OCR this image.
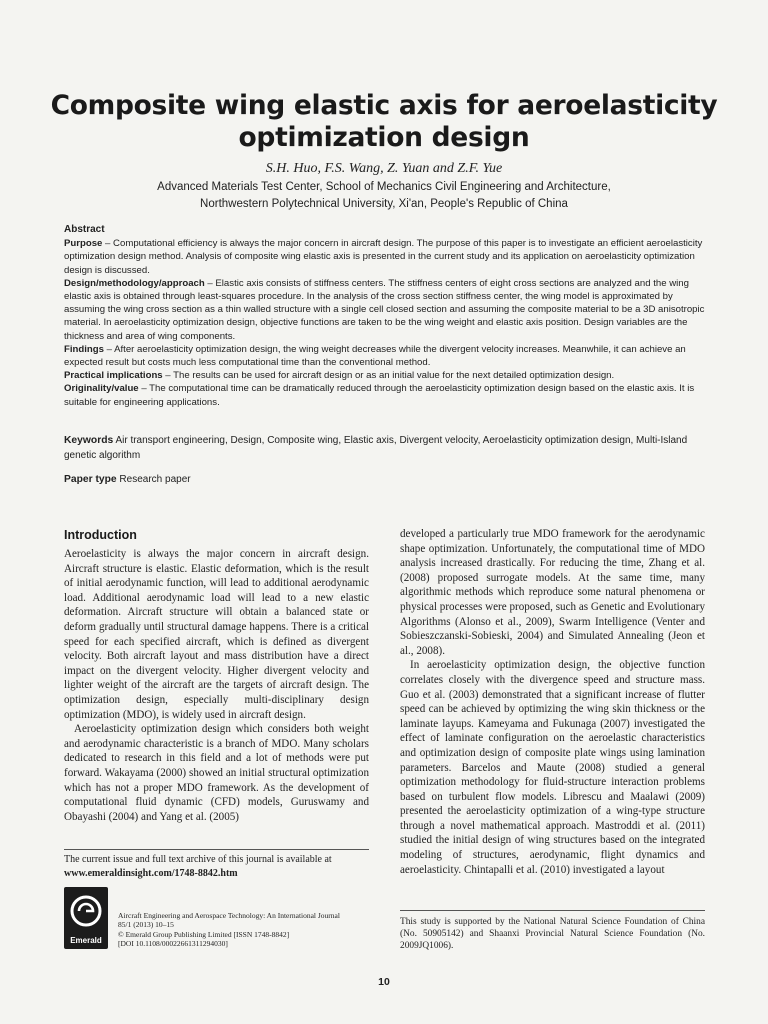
Composite wing elastic axis for aeroelasticity
optimization design
S.H. Huo, F.S. Wang, Z. Yuan and Z.F. Yue
Advanced Materials Test Center, School of Mechanics Civil Engineering and Architecture,
Northwestern Polytechnical University, Xi'an, People's Republic of China
Abstract

Purpose – Computational efficiency is always the major concern in aircraft design. The purpose of this paper is to investigate an efficient aeroelasticity optimization design method. Analysis of composite wing elastic axis is presented in the current study and its application on aeroelasticity optimization design is discussed.

Design/methodology/approach – Elastic axis consists of stiffness centers. The stiffness centers of eight cross sections are analyzed and the wing elastic axis is obtained through least-squares procedure. In the analysis of the cross section stiffness center, the wing model is approximated by assuming the wing cross section as a thin walled structure with a single cell closed section and assuming the composite material to be a 3D anisotropic material. In aeroelasticity optimization design, objective functions are taken to be the wing weight and elastic axis position. Design variables are the thickness and area of wing components.

Findings – After aeroelasticity optimization design, the wing weight decreases while the divergent velocity increases. Meanwhile, it can achieve an expected result but costs much less computational time than the conventional method.

Practical implications – The results can be used for aircraft design or as an initial value for the next detailed optimization design.

Originality/value – The computational time can be dramatically reduced through the aeroelasticity optimization design based on the elastic axis. It is suitable for engineering applications.

Keywords Air transport engineering, Design, Composite wing, Elastic axis, Divergent velocity, Aeroelasticity optimization design, Multi-Island genetic algorithm
Paper type Research paper
Introduction

Aeroelasticity is always the major concern in aircraft design. Aircraft structure is elastic. Elastic deformation, which is the result of initial aerodynamic function, will lead to additional aerodynamic load. Additional aerodynamic load will lead to a new elastic deformation. Aircraft structure will obtain a balanced state or deform gradually until structural damage happens. There is a critical speed for each specified aircraft, which is defined as divergent velocity. Both aircraft layout and mass distribution have a direct impact on the divergent velocity. Higher divergent velocity and lighter weight of the aircraft are the targets of aircraft design. The optimization design, especially multi-disciplinary design optimization (MDO), is widely used in aircraft design.

Aeroelasticity optimization design which considers both weight and aerodynamic characteristic is a branch of MDO. Many scholars dedicated to research in this field and a lot of methods were put forward. Wakayama (2000) showed an initial structural optimization which has not a proper MDO framework. As the development of computational fluid dynamic (CFD) models, Guruswamy and Obayashi (2004) and Yang et al. (2005)

developed a particularly true MDO framework for the aerodynamic shape optimization. Unfortunately, the computational time of MDO analysis increased drastically. For reducing the time, Zhang et al. (2008) proposed surrogate models. At the same time, many algorithmic methods which reproduce some natural phenomena or physical processes were proposed, such as Genetic and Evolutionary Algorithms (Alonso et al., 2009), Swarm Intelligence (Venter and Sobieszczanski-Sobieski, 2004) and Simulated Annealing (Jeon et al., 2008).

In aeroelasticity optimization design, the objective function correlates closely with the divergence speed and structure mass. Guo et al. (2003) demonstrated that a significant increase of flutter speed can be achieved by optimizing the wing skin thickness or the laminate layups. Kameyama and Fukunaga (2007) investigated the effect of laminate configuration on the aeroelastic characteristics and optimization design of composite plate wings using lamination parameters. Barcelos and Maute (2008) studied a general optimization methodology for fluid-structure interaction problems based on turbulent flow models. Librescu and Maalawi (2009) presented the aeroelasticity optimization of a wing-type structure through a novel mathematical approach. Mastroddi et al. (2011) studied the initial design of wing structures based on the integrated modeling of structures, aerodynamic, flight dynamics and aeroelasticity. Chintapalli et al. (2010) investigated a layout

The current issue and full text archive of this journal is available at
www.emeraldinsight.com/1748-8842.htm
Emerald
Aircraft Engineering and Aerospace Technology: An International Journal
85/1 (2013) 10–15
© Emerald Group Publishing Limited [ISSN 1748-8842]
[DOI 10.1108/00022661311294030]
This study is supported by the National Natural Science Foundation of China (No. 50905142) and Shaanxi Provincial Natural Science Foundation (No. 2009JQ1006).
10
